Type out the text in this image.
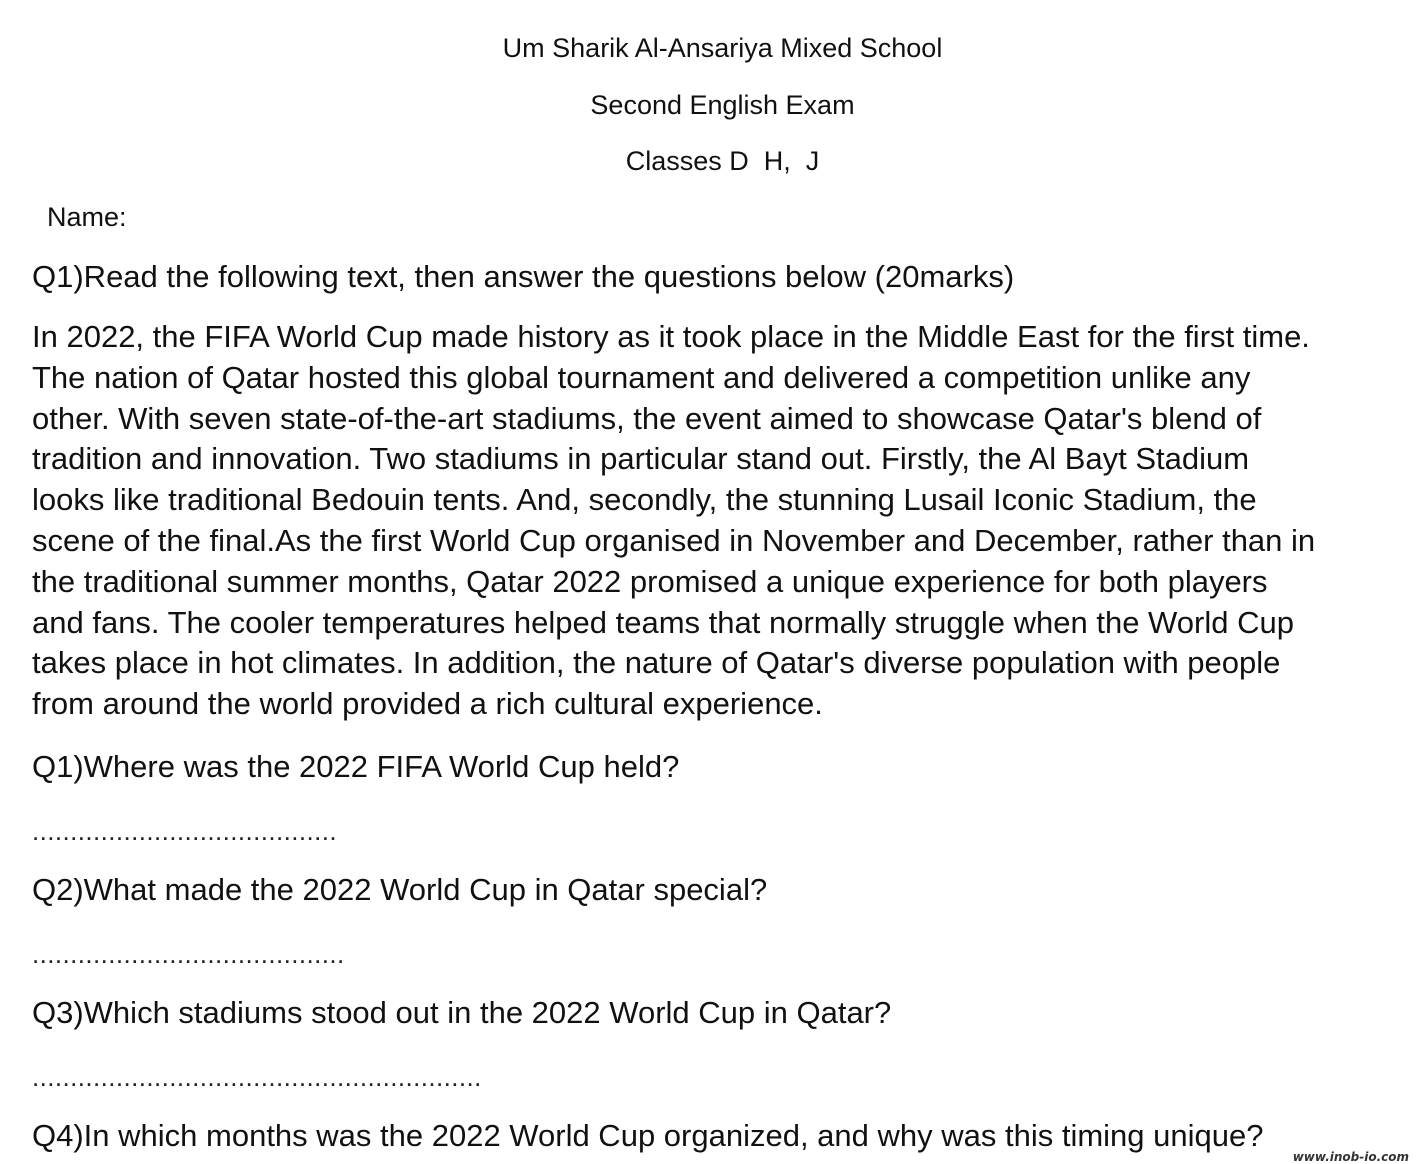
Um Sharik Al-Ansariya Mixed School
Second English Exam
Classes D  H,  J
Name:
Q1)Read the following text, then answer the questions below (20marks)
In 2022, the FIFA World Cup made history as it took place in the Middle East for the first time.
The nation of Qatar hosted this global tournament and delivered a competition unlike any
other. With seven state-of-the-art stadiums, the event aimed to showcase Qatar's blend of
tradition and innovation. Two stadiums in particular stand out. Firstly, the Al Bayt Stadium
looks like traditional Bedouin tents. And, secondly, the stunning Lusail Iconic Stadium, the
scene of the final.As the first World Cup organised in November and December, rather than in
the traditional summer months, Qatar 2022 promised a unique experience for both players
and fans. The cooler temperatures helped teams that normally struggle when the World Cup
takes place in hot climates. In addition, the nature of Qatar's diverse population with people
from around the world provided a rich cultural experience.
Q1)Where was the 2022 FIFA World Cup held?
........................................
Q2)What made the 2022 World Cup in Qatar special?
.........................................
Q3)Which stadiums stood out in the 2022 World Cup in Qatar?
...........................................................
Q4)In which months was the 2022 World Cup organized, and why was this timing unique?
www.inob-io.com
